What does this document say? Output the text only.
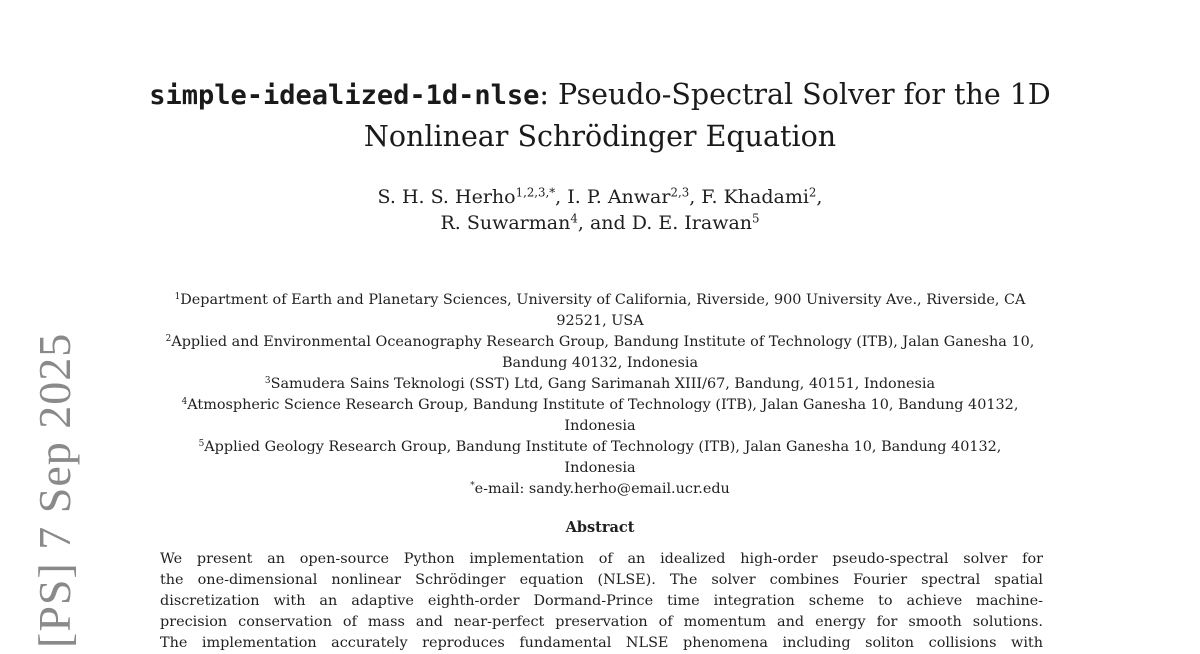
[PS] 7 Sep 2025
simple-idealized-1d-nlse: Pseudo-Spectral Solver for the 1D
Nonlinear Schrödinger Equation
S. H. S. Herho$^{1,2,3,*}$, I. P. Anwar$^{2,3}$, F. Khadami$^2$,
R. Suwarman$^4$, and D. E. Irawan$^5$
$^1$Department of Earth and Planetary Sciences, University of California, Riverside, 900 University Ave., Riverside, CA
92521, USA
$^2$Applied and Environmental Oceanography Research Group, Bandung Institute of Technology (ITB), Jalan Ganesha 10,
Bandung 40132, Indonesia
$^3$Samudera Sains Teknologi (SST) Ltd, Gang Sarimanah XIII/67, Bandung, 40151, Indonesia
$^4$Atmospheric Science Research Group, Bandung Institute of Technology (ITB), Jalan Ganesha 10, Bandung 40132,
Indonesia
$^5$Applied Geology Research Group, Bandung Institute of Technology (ITB), Jalan Ganesha 10, Bandung 40132,
Indonesia
*e-mail: sandy.herho@email.ucr.edu
Abstract
We present an open-source Python implementation of an idealized high-order pseudo-spectral solver for
the one-dimensional nonlinear Schrödinger equation (NLSE). The solver combines Fourier spectral spatial
discretization with an adaptive eighth-order Dormand-Prince time integration scheme to achieve machine-
precision conservation of mass and near-perfect preservation of momentum and energy for smooth solutions.
The implementation accurately reproduces fundamental NLSE phenomena including soliton collisions with
